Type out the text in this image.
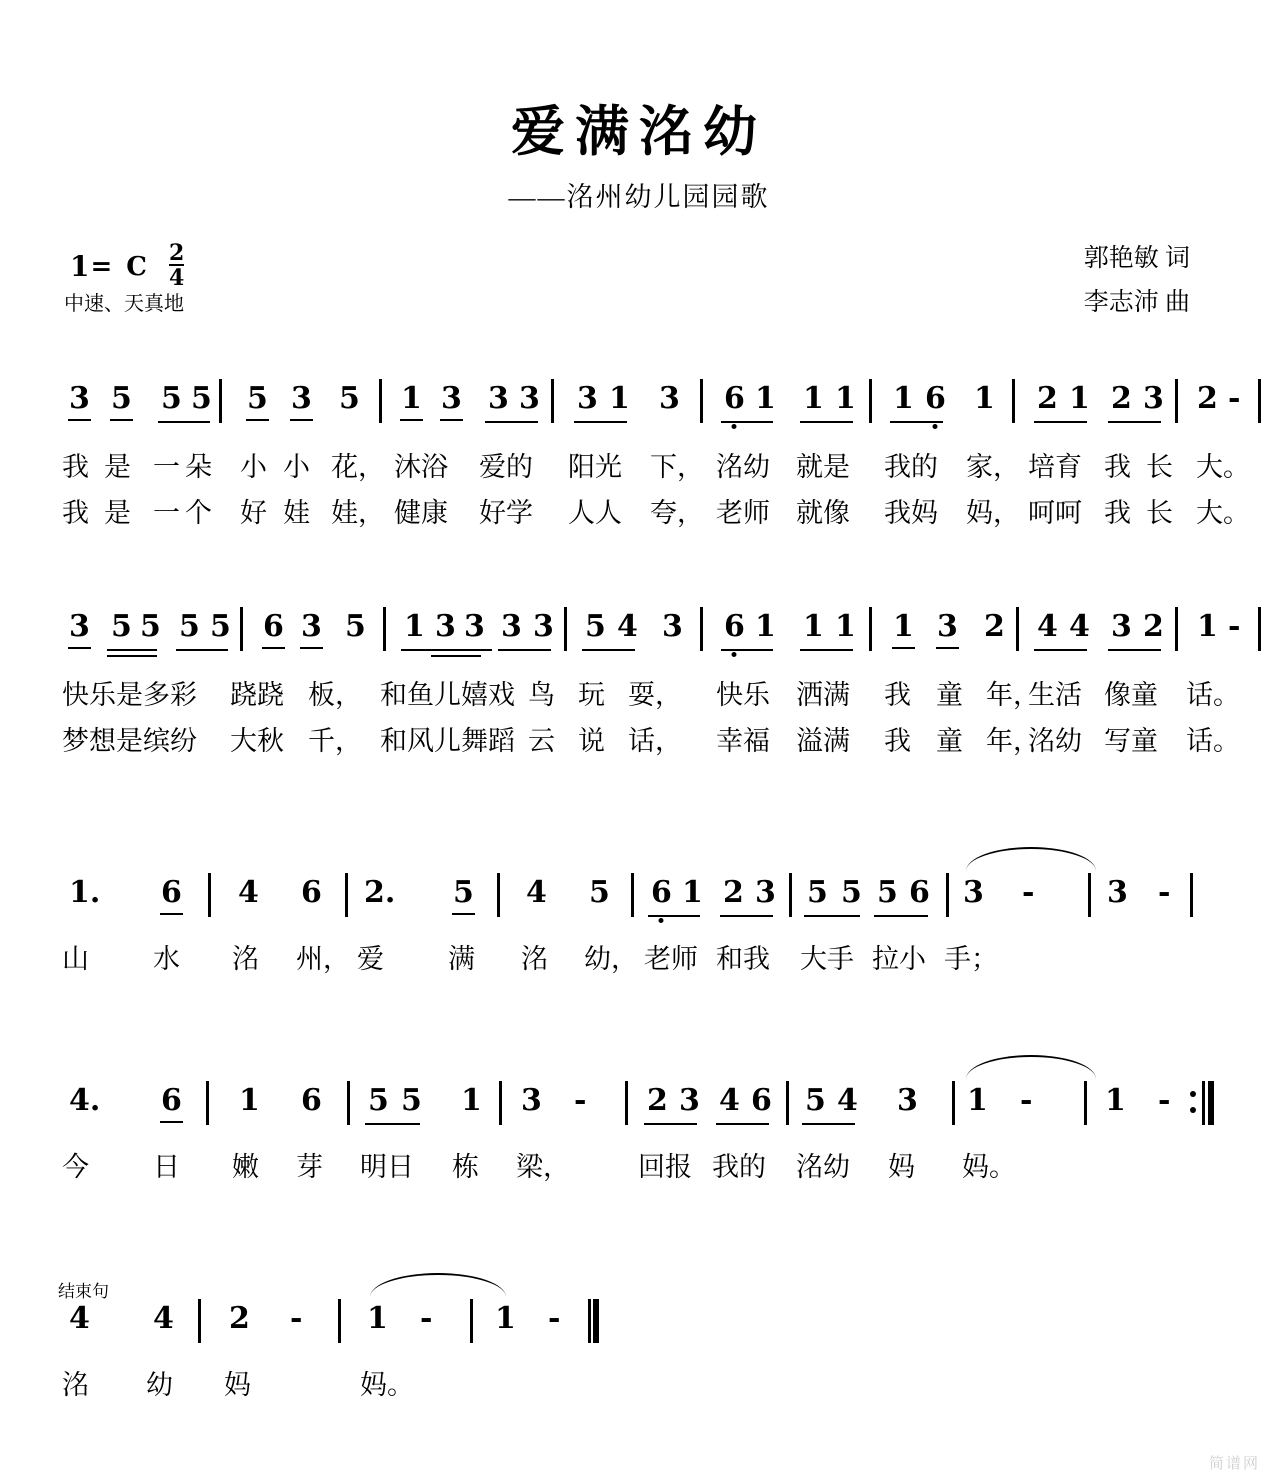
爱满洺幼
——洺州幼儿园园歌
1 = C $\frac{2}{4}$
中速、天真地
郭艳敏 词
李志沛 曲
3 5 5 5 5 3 5 1 3 3 3 3 1 3 6 1 1 1 1 6 1 2 1 2 3 2 -
我 是 一 朵 小 小 花， 沐浴 爱的 阳光 下， 洺幼 就是 我的 家， 培育 我 长 大。
我 是 一 个 好 娃 娃， 健康 好学 人人 夸， 老师 就像 我妈 妈， 呵呵 我 长 大。
3 5 5 5 5 6 3 5 1 3 3 3 3 5 4 3 6 1 1 1 1 3 2 4 4 3 2 1 -
快乐是多彩 跷跷 板， 和鱼儿嬉戏 鸟 玩 耍， 快乐 洒满 我 童 年，
生活 像童 话。
梦想是缤纷 大秋 千， 和风儿舞蹈 云 说 话， 幸福 溢满 我 童 年，
洺幼 写童 话。
1. 6 4 6 2. 5 4 5 6 1 2 3 5 5 5 6 3 - 3 -
山 水 洺 州， 爱 满 洺 幼， 老师 和我 大手 拉小 手；
4. 6 1 6 5 5 1 3 - 2 3 4 6 5 4 3 1 - 1 -
今 日 嫩 芽 明日 栋 梁，	回报 我的 洺幼 妈 妈。
结束句
4 4 2 - 1 - 1 -
洺 幼 妈	妈。
简谱网
